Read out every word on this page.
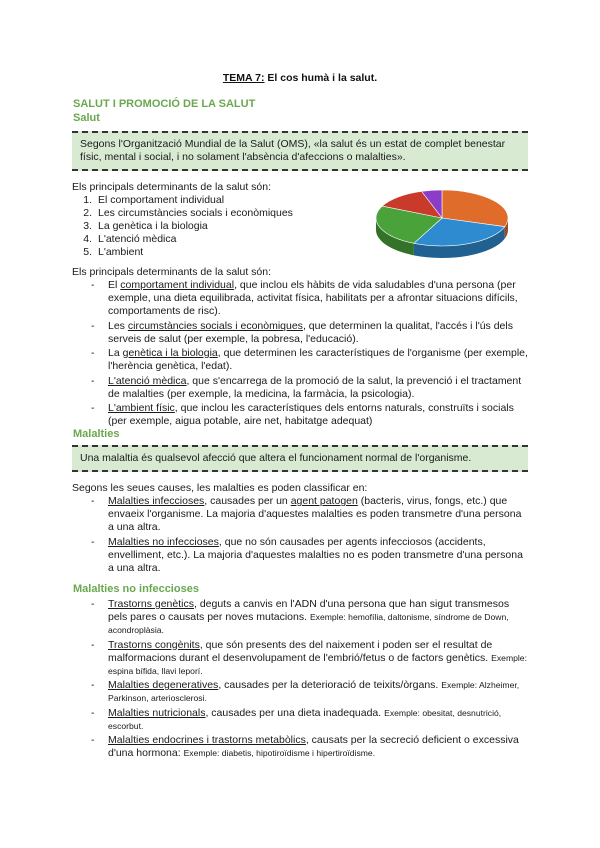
TEMA 7: El cos humà i la salut.
SALUT I PROMOCIÓ DE LA SALUT
Salut
Segons l'Organització Mundial de la Salut (OMS), «la salut és un estat de complet benestar físic, mental i social, i no solament l'absència d'afeccions o malalties».
Els principals determinants de la salut són:
1. El comportament individual
2. Les circumstàncies socials i econòmiques
3. La genètica i la biologia
4. L'atenció mèdica
5. L'ambient
Els principals determinants de la salut són:
-	El comportament individual, que inclou els hàbits de vida saludables d'una persona (per exemple, una dieta equilibrada, activitat física, habilitats per a afrontar situacions difícils, comportaments de risc).
-	Les circumstàncies socials i econòmiques, que determinen la qualitat, l'accés i l'ús dels serveis de salut (per exemple, la pobresa, l'educació).
-	La genètica i la biologia, que determinen les característiques de l'organisme (per exemple, l'herència genètica, l'edat).
-	L'atenció mèdica, que s'encarrega de la promoció de la salut, la prevenció i el tractament de malalties (per exemple, la medicina, la farmàcia, la psicologia).
-	L'ambient físic, que inclou les característiques dels entorns naturals, construïts i socials (per exemple, aigua potable, aire net, habitatge adequat)
Malalties
Una malaltia és qualsevol afecció que altera el funcionament normal de l'organisme.
Segons les seues causes, les malalties es poden classificar en:
-	Malalties infeccioses, causades per un agent patogen (bacteris, virus, fongs, etc.) que envaeix l'organisme. La majoria d'aquestes malalties es poden transmetre d'una persona a una altra.
-	Malalties no infeccioses, que no són causades per agents infecciosos (accidents, envelliment, etc.). La majoria d'aquestes malalties no es poden transmetre d'una persona a una altra.
Malalties no infeccioses
-	Trastorns genètics, deguts a canvis en l'ADN d'una persona que han sigut transmesos pels pares o causats per noves mutacions. Exemple: hemofília, daltonisme, síndrome de Down, acondroplàsia.
-	Trastorns congènits, que són presents des del naixement i poden ser el resultat de malformacions durant el desenvolupament de l'embrió/fetus o de factors genètics. Exemple: espina bífida, llavi leporí.
-	Malalties degeneratives, causades per la deterioració de teixits/òrgans. Exemple: Alzheimer, Parkinson, arteriosclerosi.
-	Malalties nutricionals, causades per una dieta inadequada. Exemple: obesitat, desnutrició, escorbut.
-	Malalties endocrines i trastorns metabòlics, causats per la secreció deficient o excessiva d'una hormona: Exemple: diabetis, hipotiroïdisme i hipertiroïdisme.
